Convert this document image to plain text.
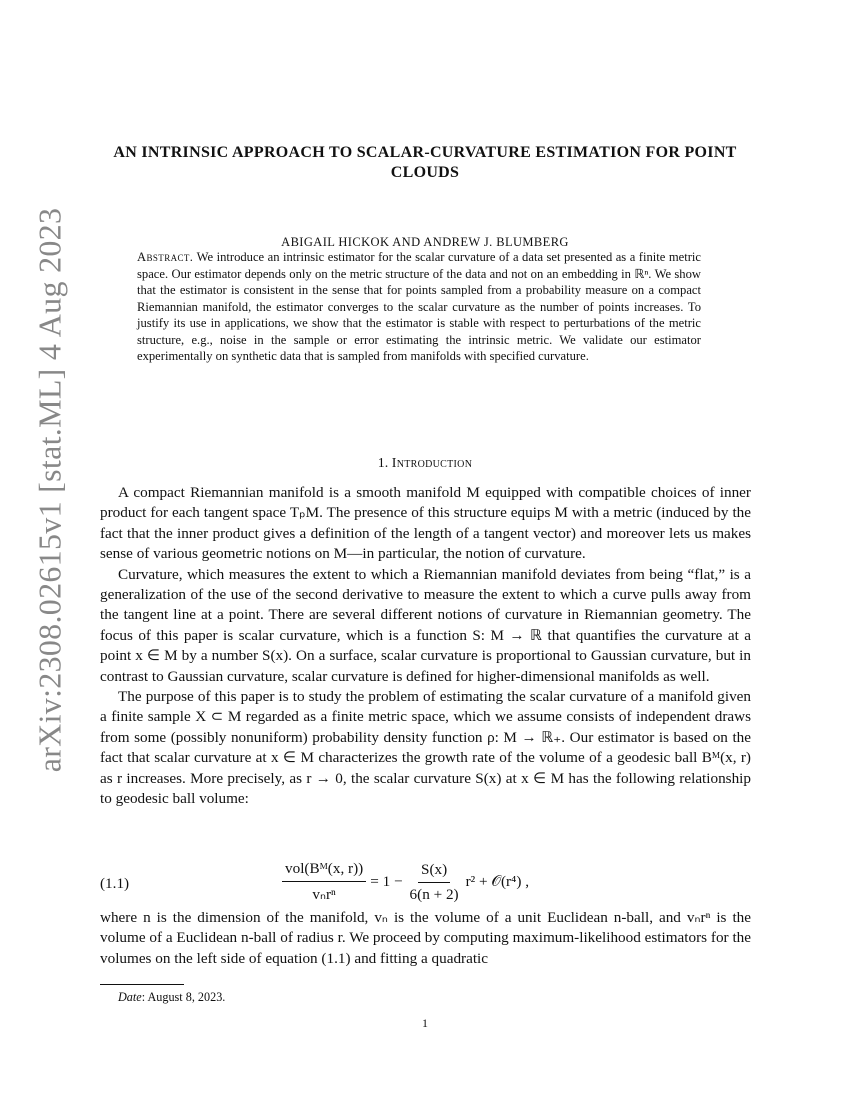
arXiv:2308.02615v1 [stat.ML] 4 Aug 2023
AN INTRINSIC APPROACH TO SCALAR-CURVATURE ESTIMATION FOR POINT CLOUDS
ABIGAIL HICKOK AND ANDREW J. BLUMBERG
Abstract. We introduce an intrinsic estimator for the scalar curvature of a data set presented as a finite metric space. Our estimator depends only on the metric structure of the data and not on an embedding in ℝⁿ. We show that the estimator is consistent in the sense that for points sampled from a probability measure on a compact Riemannian manifold, the estimator converges to the scalar curvature as the number of points increases. To justify its use in applications, we show that the estimator is stable with respect to perturbations of the metric structure, e.g., noise in the sample or error estimating the intrinsic metric. We validate our estimator experimentally on synthetic data that is sampled from manifolds with specified curvature.
1. Introduction

A compact Riemannian manifold is a smooth manifold M equipped with compatible choices of inner product for each tangent space TₚM. The presence of this structure equips M with a metric (induced by the fact that the inner product gives a definition of the length of a tangent vector) and moreover lets us makes sense of various geometric notions on M—in particular, the notion of curvature.

Curvature, which measures the extent to which a Riemannian manifold deviates from being “flat,” is a generalization of the use of the second derivative to measure the extent to which a curve pulls away from the tangent line at a point. There are several different notions of curvature in Riemannian geometry. The focus of this paper is scalar curvature, which is a function S: M → ℝ that quantifies the curvature at a point x ∈ M by a number S(x). On a surface, scalar curvature is proportional to Gaussian curvature, but in contrast to Gaussian curvature, scalar curvature is defined for higher-dimensional manifolds as well.

The purpose of this paper is to study the problem of estimating the scalar curvature of a manifold given a finite sample X ⊂ M regarded as a finite metric space, which we assume consists of independent draws from some (possibly nonuniform) probability density function ρ: M → ℝ₊. Our estimator is based on the fact that scalar curvature at x ∈ M characterizes the growth rate of the volume of a geodesic ball Bᴹ(x, r) as r increases. More precisely, as r → 0, the scalar curvature S(x) at x ∈ M has the following relationship to geodesic ball volume:

(1.1)	$\frac{\text{vol(Bᴹ(x, r))}}{\text{vₙrⁿ}} = 1 - \frac{S(x)}{6(n + 2)} r^2$ + 𝒪(r⁴) ,
where n is the dimension of the manifold, vₙ is the volume of a unit Euclidean n-ball, and vₙrⁿ is the volume of a Euclidean n-ball of radius r. We proceed by computing maximum-likelihood estimators for the volumes on the left side of equation (1.1) and fitting a quadratic
Date: August 8, 2023.
1
